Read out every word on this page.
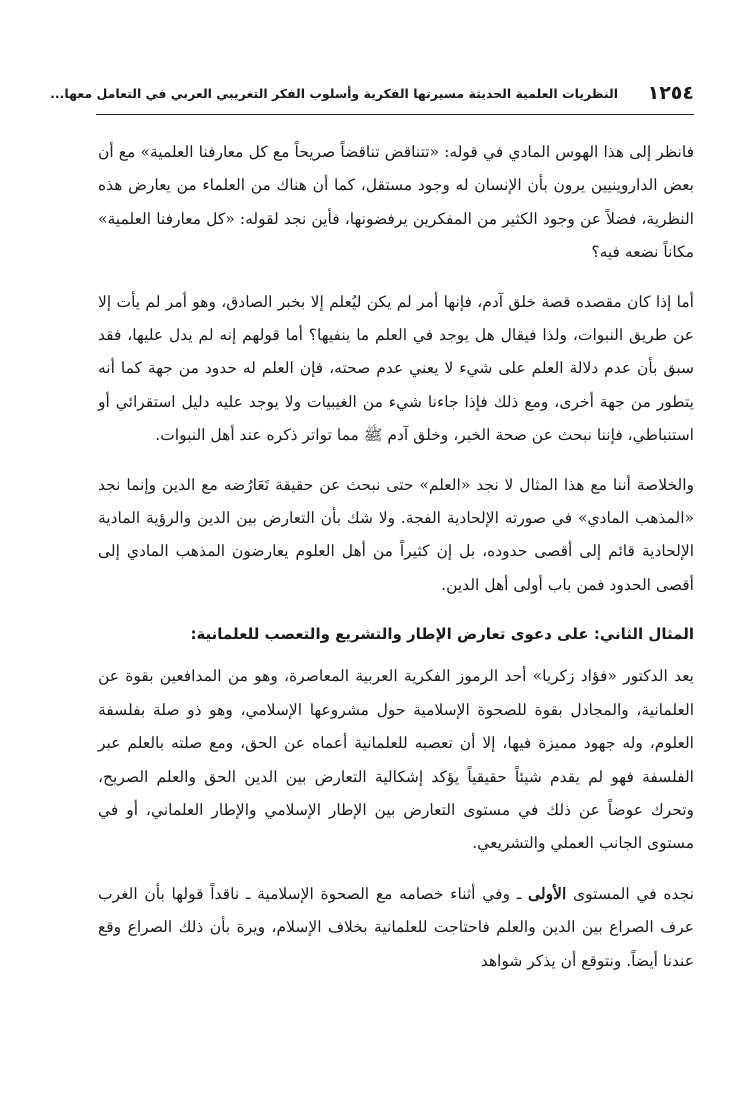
١٢٥٤
النظريات العلمية الحديثة مسيرتها الفكرية وأسلوب الفكر التغريبي العربي في التعامل معها...

فانظر إلى هذا الهوس المادي في قوله: «تتناقض تناقضاً صريحاً مع كل معارفنا العلمية» مع أن بعض الداروينيين يرون بأن الإنسان له وجود مستقل، كما أن هناك من العلماء من يعارض هذه النظرية، فضلاً عن وجود الكثير من المفكرين يرفضونها، فأين نجد لقوله: «كل معارفنا العلمية» مكاناً نضعه فيه؟

أما إذا كان مقصده قصة خلق آدم، فإنها أمر لم يكن ليُعلم إلا بخبر الصادق، وهو أمر لم يأت إلا عن طريق النبوات، ولذا فيقال هل يوجد في العلم ما ينفيها؟ أما قولهم إنه لم يدل عليها، فقد سبق بأن عدم دلالة العلم على شيء لا يعني عدم صحته، فإن العلم له حدود من جهة كما أنه يتطور من جهة أخرى، ومع ذلك فإذا جاءنا شيء من الغيبيات ولا يوجد عليه دليل استقرائي أو استنباطي، فإننا نبحث عن صحة الخبر، وخلق آدم ﷺ مما تواتر ذكره عند أهل النبوات.

والخلاصة أننا مع هذا المثال لا نجد «العلم» حتى نبحث عن حقيقة تَعَارُضه مع الدين وإنما نجد «المذهب المادي» في صورته الإلحادية الفجة. ولا شك بأن التعارض بين الدين والرؤية المادية الإلحادية قائم إلى أقصى حدوده، بل إن كثيراً من أهل العلوم يعارضون المذهب المادي إلى أقصى الحدود فمن باب أولى أهل الدين.

المثال الثاني: على دعوى تعارض الإطار والتشريع والتعصب للعلمانية:

يعد الدكتور «فؤاد زكريا» أحد الرموز الفكرية العربية المعاصرة، وهو من المدافعين بقوة عن العلمانية، والمجادل بقوة للصحوة الإسلامية حول مشروعها الإسلامي، وهو ذو صلة بفلسفة العلوم، وله جهود مميزة فيها، إلا أن تعصبه للعلمانية أعماه عن الحق، ومع صلته بالعلم عبر الفلسفة فهو لم يقدم شيئاً حقيقياً يؤكد إشكالية التعارض بين الدين الحق والعلم الصريح، وتحرك عوضاً عن ذلك في مستوى التعارض بين الإطار الإسلامي والإطار العلماني، أو في مستوى الجانب العملي والتشريعي.

نجده في المستوى الأولى ـ وفي أثناء خصامه مع الصحوة الإسلامية ـ ناقداً قولها بأن الغرب عرف الصراع بين الدين والعلم فاحتاجت للعلمانية بخلاف الإسلام، ويرة بأن ذلك الصراع وقع عندنا أيضاً. ونتوقع أن يذكر شواهد
